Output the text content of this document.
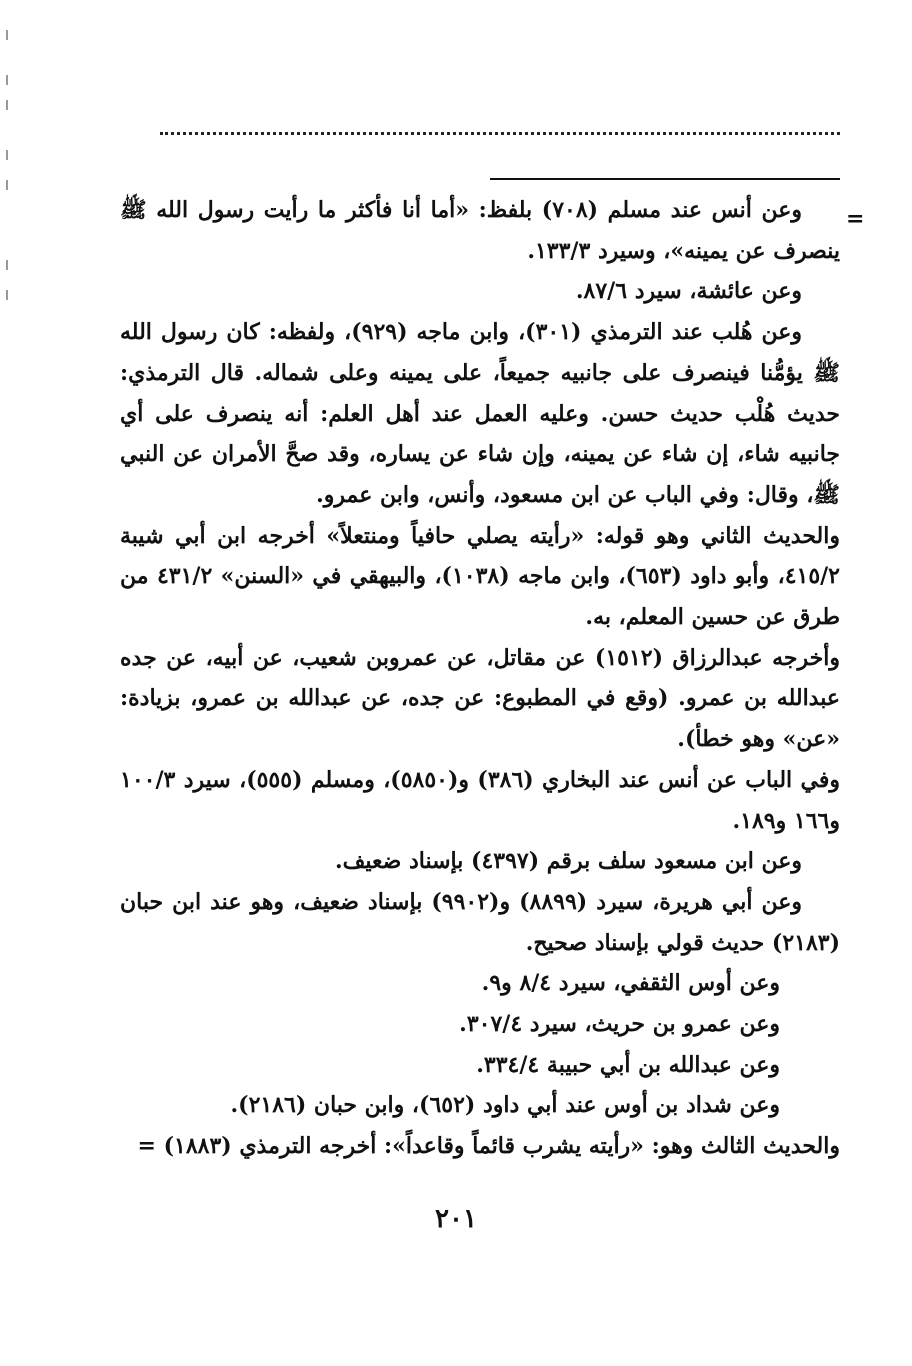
=

وعن أنس عند مسلم (٧٠٨) بلفظ: «أما أنا فأكثر ما رأيت رسول الله ﷺ ينصرف عن يمينه»، وسيرد ١٣٣/٣.

وعن عائشة، سيرد ٨٧/٦.

وعن هُلب عند الترمذي (٣٠١)، وابن ماجه (٩٢٩)، ولفظه: كان رسول الله ﷺ يؤمُّنا فينصرف على جانبيه جميعاً، على يمينه وعلى شماله. قال الترمذي: حديث هُلْب حديث حسن. وعليه العمل عند أهل العلم: أنه ينصرف على أي جانبيه شاء، إن شاء عن يمينه، وإن شاء عن يساره، وقد صحَّ الأمران عن النبي ﷺ، وقال: وفي الباب عن ابن مسعود، وأنس، وابن عمرو.

والحديث الثاني وهو قوله: «رأيته يصلي حافياً ومنتعلاً» أخرجه ابن أبي شيبة ٤١٥/٢، وأبو داود (٦٥٣)، وابن ماجه (١٠٣٨)، والبيهقي في «السنن» ٤٣١/٢ من طرق عن حسين المعلم، به.

وأخرجه عبدالرزاق (١٥١٢) عن مقاتل، عن عمروبن شعيب، عن أبيه، عن جده عبدالله بن عمرو. (وقع في المطبوع: عن جده، عن عبدالله بن عمرو، بزيادة: «عن» وهو خطأ).

وفي الباب عن أنس عند البخاري (٣٨٦) و(٥٨٥٠)، ومسلم (٥٥٥)، سيرد ١٠٠/٣ و١٦٦ و١٨٩.

وعن ابن مسعود سلف برقم (٤٣٩٧) بإسناد ضعيف.

وعن أبي هريرة، سيرد (٨٨٩٩) و(٩٩٠٢) بإسناد ضعيف، وهو عند ابن حبان (٢١٨٣) حديث قولي بإسناد صحيح.

وعن أوس الثقفي، سيرد ٨/٤ و٩.

وعن عمرو بن حريث، سيرد ٣٠٧/٤.

وعن عبدالله بن أبي حبيبة ٣٣٤/٤.

وعن شداد بن أوس عند أبي داود (٦٥٢)، وابن حبان (٢١٨٦).

والحديث الثالث وهو: «رأيته يشرب قائماً وقاعداً»: أخرجه الترمذي (١٨٨٣) =

٢٠١
